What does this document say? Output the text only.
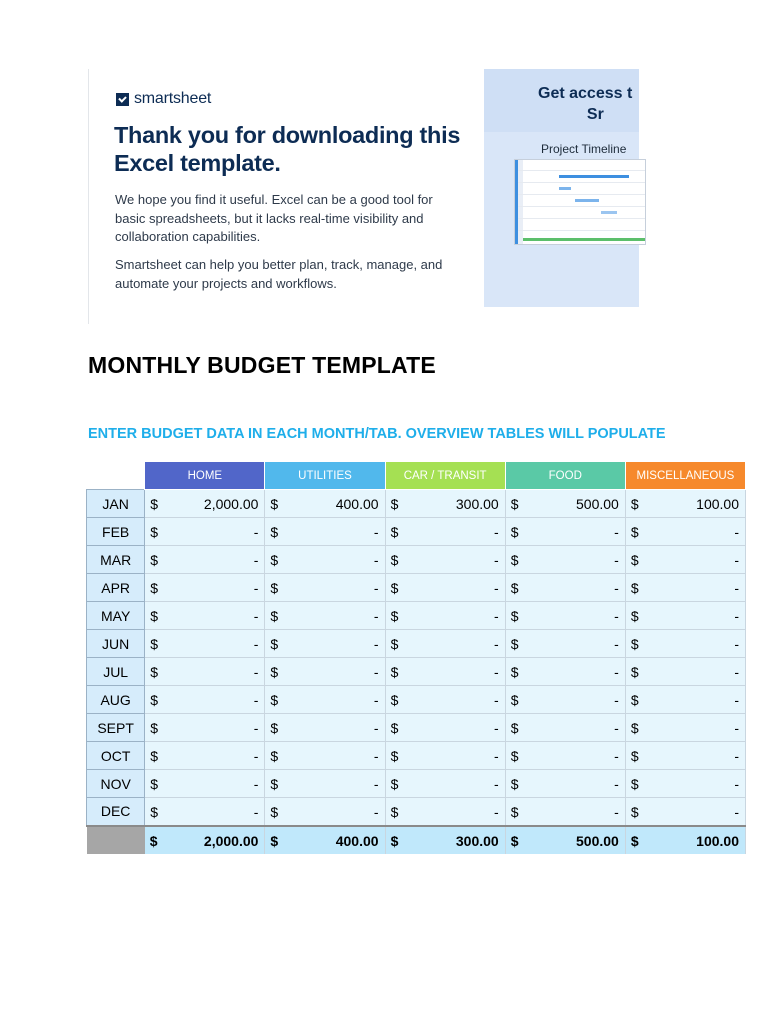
smartsheet
Thank you for downloading this Excel template.
We hope you find it useful. Excel can be a good tool for basic spreadsheets, but it lacks real-time visibility and collaboration capabilities.
Smartsheet can help you better plan, track, manage, and automate your projects and workflows.
Get access t
Sr
Project Timeline
MONTHLY BUDGET TEMPLATE
ENTER BUDGET DATA IN EACH MONTH/TAB. OVERVIEW TABLES WILL POPULATE
	HOME	UTILITIES	CAR / TRANSIT	FOOD	MISCELLANEOUS
JAN	$ 2,000.00	$ 400.00	$ 300.00	$ 500.00	$ 100.00

FEB	$ -	$ -	$ -	$ -	$ -

MAR	$ -	$ -	$ -	$ -	$ -

APR	$ -	$ -	$ -	$ -	$ -

MAY	$ -	$ -	$ -	$ -	$ -

JUN	$ -	$ -	$ -	$ -	$ -

JUL	$ -	$ -	$ -	$ -	$ -

AUG	$ -	$ -	$ -	$ -	$ -

SEPT	$ -	$ -	$ -	$ -	$ -

OCT	$ -	$ -	$ -	$ -	$ -

NOV	$ -	$ -	$ -	$ -	$ -

DEC	$ -	$ -	$ -	$ -	$ -

	$ 2,000.00	$ 400.00	$ 300.00	$ 500.00	$ 100.00
